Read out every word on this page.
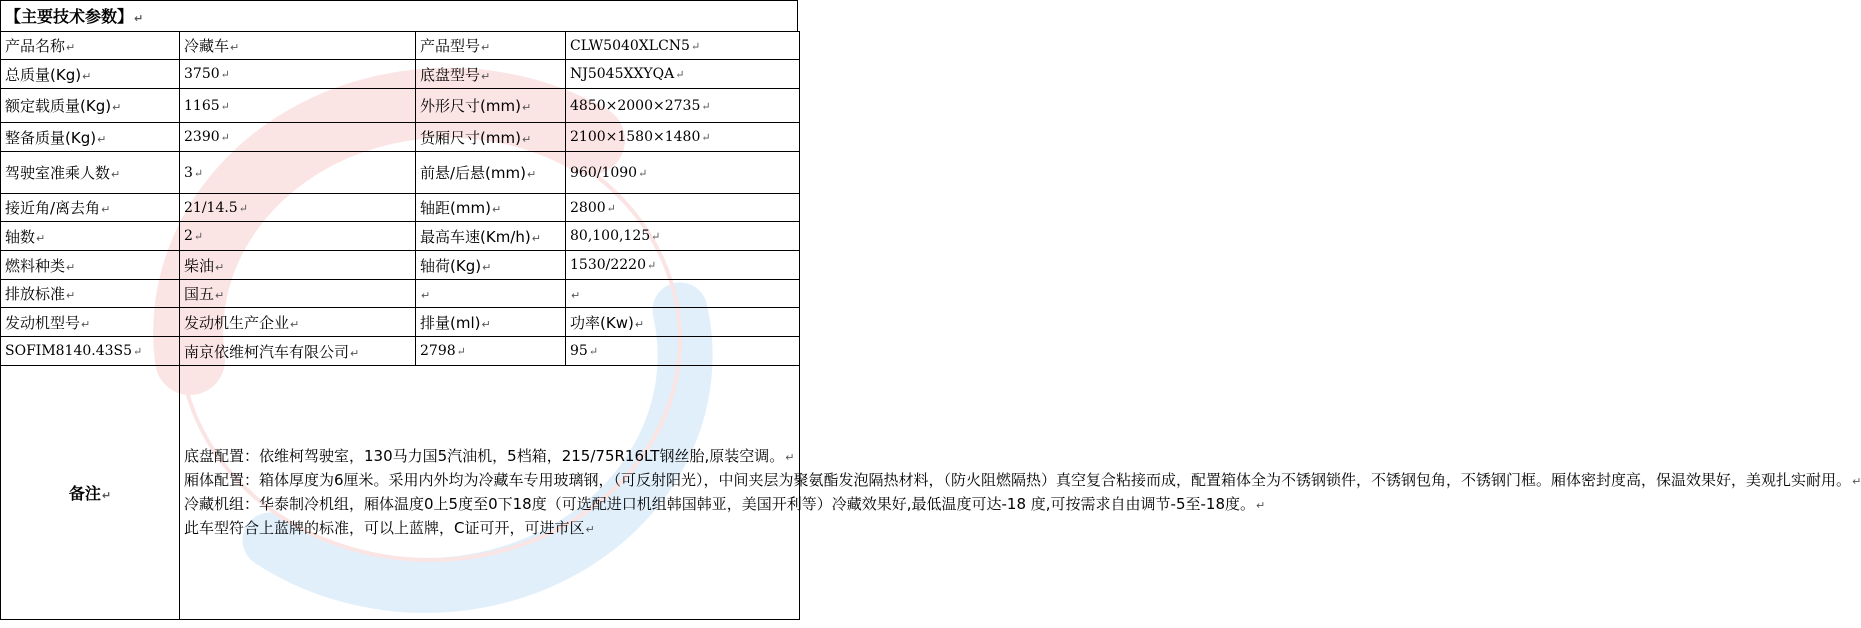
【主要技术参数】↵
产品名称↵	冷藏车↵	产品型号↵	CLW5040XLCN5↵
总质量(Kg)↵	3750↵	底盘型号↵	NJ5045XXYQA↵
额定载质量(Kg)↵	1165↵	外形尺寸(mm)↵	4850×2000×2735↵
整备质量(Kg)↵	2390↵	货厢尺寸(mm)↵	2100×1580×1480↵
驾驶室准乘人数↵	3↵	前悬/后悬(mm)↵	960/1090↵
接近角/离去角↵	21/14.5↵	轴距(mm)↵	2800↵
轴数↵	2↵	最高车速(Km/h)↵	80,100,125↵
燃料种类↵	柴油↵	轴荷(Kg)↵	1530/2220↵
排放标准↵	国五↵	↵	↵
发动机型号↵	发动机生产企业↵	排量(ml)↵	功率(Kw)↵
SOFIM8140.43S5↵	南京依维柯汽车有限公司↵	2798↵	95↵
备注↵	底盘配置：依维柯驾驶室，130马力国5汽油机，5档箱，215/75R16LT钢丝胎,原装空调。↵
厢体配置：箱体厚度为6厘米。采用内外均为冷藏车专用玻璃钢，（可反射阳光），中间夹层为聚氨酯发泡隔热材料，（防火阻燃隔热）真空复合粘接而成，配置箱体全为不锈钢锁件，不锈钢包角，不锈钢门框。厢体密封度高，保温效果好，美观扎实耐用。↵
冷藏机组：华泰制冷机组，厢体温度0上5度至0下18度（可选配进口机组韩国韩亚，美国开利等）冷藏效果好,最低温度可达-18 度,可按需求自由调节-5至-18度。↵
此车型符合上蓝牌的标准，可以上蓝牌，C证可开，可进市区↵		
